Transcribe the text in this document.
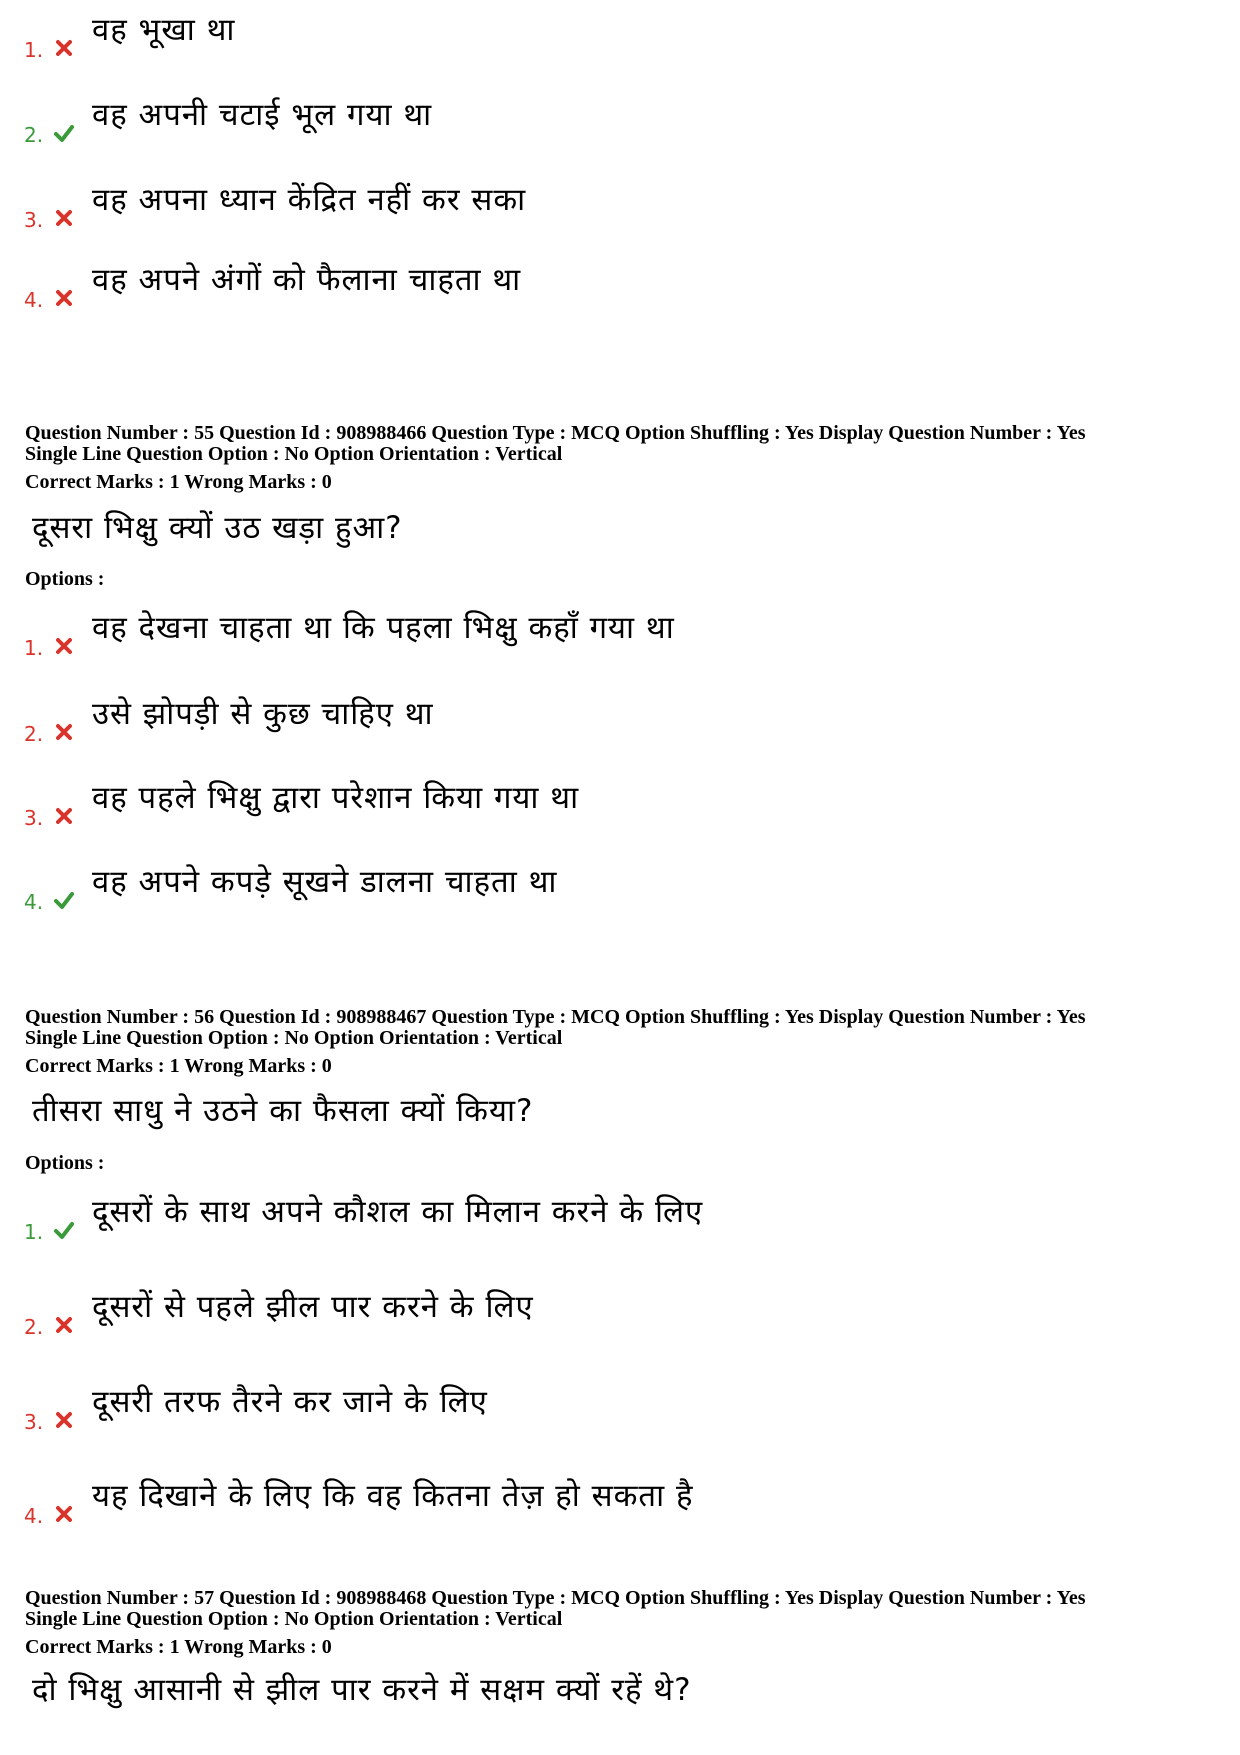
1.
वह भूखा था
2.
वह अपनी चटाई भूल गया था
3.
वह अपना ध्यान केंद्रित नहीं कर सका
4.
वह अपने अंगों को फैलाना चाहता था
Question Number : 55 Question Id : 908988466 Question Type : MCQ Option Shuffling : Yes Display Question Number : Yes
Single Line Question Option : No Option Orientation : Vertical
Correct Marks : 1 Wrong Marks : 0
दूसरा भिक्षु क्यों उठ खड़ा हुआ?
Options :
1.
वह देखना चाहता था कि पहला भिक्षु कहाँ गया था
2.
उसे झोपड़ी से कुछ चाहिए था
3.
वह पहले भिक्षु द्वारा परेशान किया गया था
4.
वह अपने कपड़े सूखने डालना चाहता था
Question Number : 56 Question Id : 908988467 Question Type : MCQ Option Shuffling : Yes Display Question Number : Yes
Single Line Question Option : No Option Orientation : Vertical
Correct Marks : 1 Wrong Marks : 0
तीसरा साधु ने उठने का फैसला क्यों किया?
Options :
1.
दूसरों के साथ अपने कौशल का मिलान करने के लिए
2.
दूसरों से पहले झील पार करने के लिए
3.
दूसरी तरफ तैरने कर जाने के लिए
4.
यह दिखाने के लिए कि वह कितना तेज़ हो सकता है
Question Number : 57 Question Id : 908988468 Question Type : MCQ Option Shuffling : Yes Display Question Number : Yes
Single Line Question Option : No Option Orientation : Vertical
Correct Marks : 1 Wrong Marks : 0
दो भिक्षु आसानी से झील पार करने में सक्षम क्यों रहें थे?
